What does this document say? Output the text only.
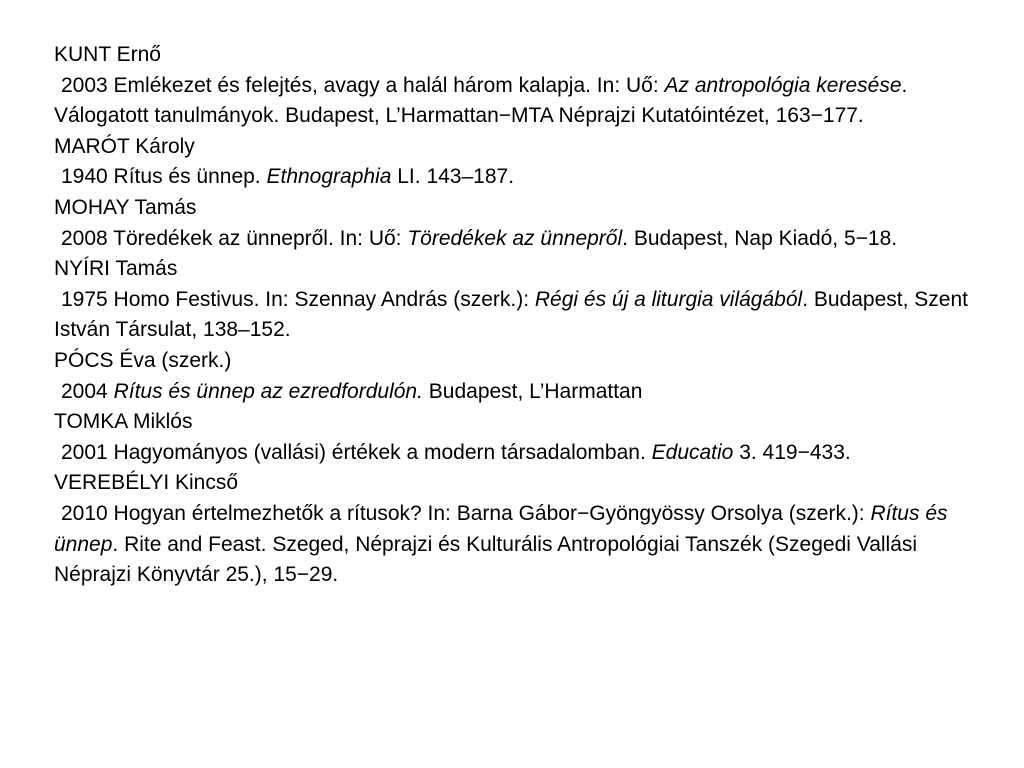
KUNT Ernő
2003 Emlékezet és felejtés, avagy a halál három kalapja. In: Uő: Az antropológia keresése. Válogatott tanulmányok. Budapest, L’Harmattan−MTA Néprajzi Kutatóintézet, 163−177.
MARÓT Károly
1940 Rítus és ünnep. Ethnographia LI. 143–187.
MOHAY Tamás
2008 Töredékek az ünnepről. In: Uő: Töredékek az ünnepről. Budapest, Nap Kiadó, 5−18.
NYÍRI Tamás
1975 Homo Festivus. In: Szennay András (szerk.): Régi és új a liturgia világából. Budapest, Szent István Társulat, 138–152.
PÓCS Éva (szerk.)
2004 Rítus és ünnep az ezredfordulón. Budapest, L’Harmattan
TOMKA Miklós
2001 Hagyományos (vallási) értékek a modern társadalomban. Educatio 3. 419−433.
VEREBÉLYI Kincső
2010 Hogyan értelmezhetők a rítusok? In: Barna Gábor−Gyöngyössy Orsolya (szerk.): Rítus és ünnep. Rite and Feast. Szeged, Néprajzi és Kulturális Antropológiai Tanszék (Szegedi Vallási Néprajzi Könyvtár 25.), 15−29.
